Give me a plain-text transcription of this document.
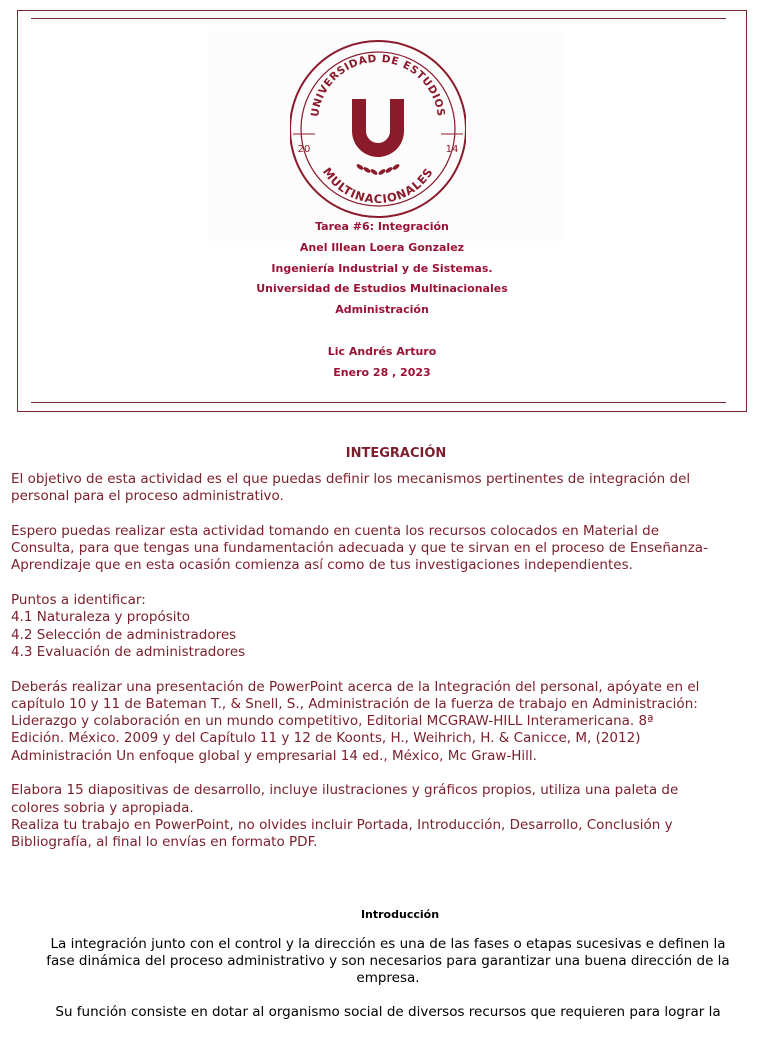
UNIVERSIDAD DE ESTUDIOS
MULTINACIONALES
20	14
Tarea #6: Integración
Anel Illean Loera Gonzalez
Ingeniería Industrial y de Sistemas.
Universidad de Estudios Multinacionales
Administración
Lic Andrés Arturo
Enero 28 , 2023
INTEGRACIÓN

El objetivo de esta actividad es el que puedas definir los mecanismos pertinentes de integración del
personal para el proceso administrativo.

Espero puedas realizar esta actividad tomando en cuenta los recursos colocados en Material de
Consulta, para que tengas una fundamentación adecuada y que te sirvan en el proceso de Enseñanza-
Aprendizaje que en esta ocasión comienza así como de tus investigaciones independientes.

Puntos a identificar:
4.1 Naturaleza y propósito
4.2 Selección de administradores
4.3 Evaluación de administradores

Deberás realizar una presentación de PowerPoint acerca de la Integración del personal, apóyate en el
capítulo 10 y 11 de Bateman T., & Snell, S., Administración de la fuerza de trabajo en Administración:
Liderazgo y colaboración en un mundo competitivo, Editorial MCGRAW-HILL Interamericana. 8ª
Edición. México. 2009 y del Capítulo 11 y 12 de Koonts, H., Weihrich, H. & Canicce, M, (2012)
Administración Un enfoque global y empresarial 14 ed., México, Mc Graw-Hill.

Elabora 15 diapositivas de desarrollo, incluye ilustraciones y gráficos propios, utiliza una paleta de
colores sobria y apropiada.
Realiza tu trabajo en PowerPoint, no olvides incluir Portada, Introducción, Desarrollo, Conclusión y
Bibliografía, al final lo envías en formato PDF.

Introducción

La integración junto con el control y la dirección es una de las fases o etapas sucesivas e definen la
fase dinámica del proceso administrativo y son necesarios para garantizar una buena dirección de la
empresa.

Su función consiste en dotar al organismo social de diversos recursos que requieren para lograr la
